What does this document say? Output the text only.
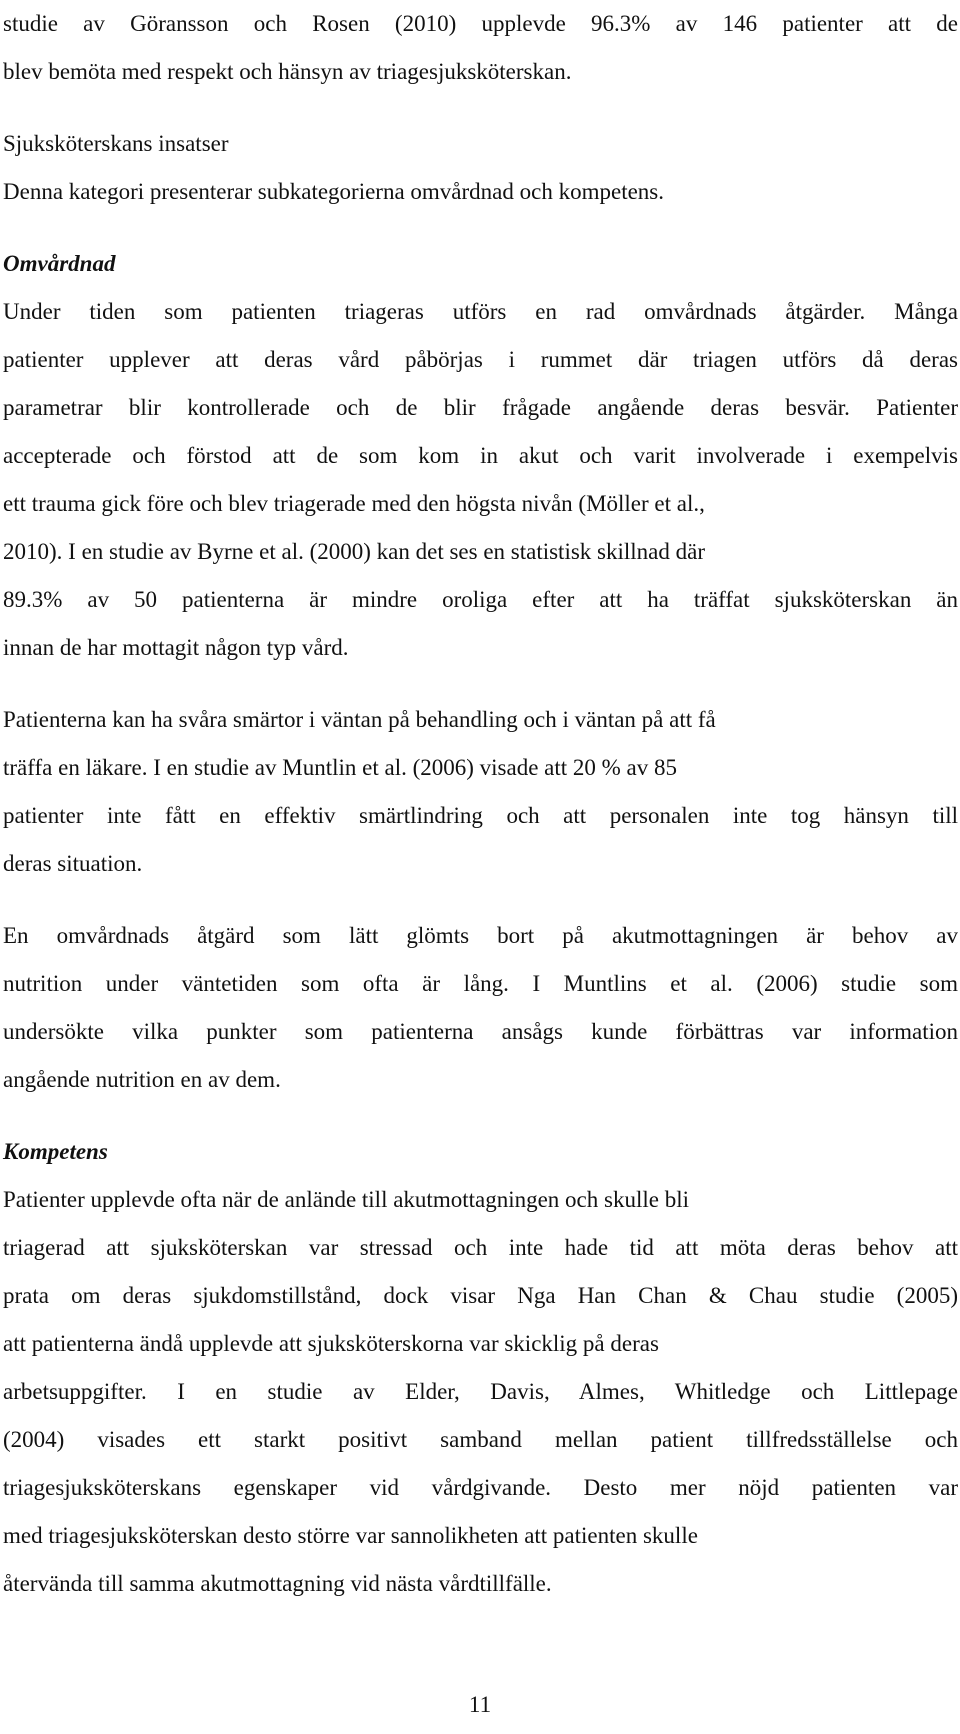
studie av Göransson och Rosen (2010) upplevde 96.3% av 146 patienter att de

blev bemöta med respekt och hänsyn av triagesjuksköterskan.

Sjuksköterskans insatser

Denna kategori presenterar subkategorierna omvårdnad och kompetens.

Omvårdnad

Under tiden som patienten triageras utförs en rad omvårdnads åtgärder. Många

patienter upplever att deras vård påbörjas i rummet där triagen utförs då deras

parametrar blir kontrollerade och de blir frågade angående deras besvär. Patienter

accepterade och förstod att de som kom in akut och varit involverade i exempelvis

ett trauma gick före och blev triagerade med den högsta nivån (Möller et al.,

2010). I en studie av Byrne et al. (2000) kan det ses en statistisk skillnad där

89.3% av 50 patienterna är mindre oroliga efter att ha träffat sjuksköterskan än

innan de har mottagit någon typ vård.

Patienterna kan ha svåra smärtor i väntan på behandling och i väntan på att få

träffa en läkare. I en studie av Muntlin et al. (2006) visade att 20 % av 85

patienter inte fått en effektiv smärtlindring och att personalen inte tog hänsyn till

deras situation.

En omvårdnads åtgärd som lätt glömts bort på akutmottagningen är behov av

nutrition under väntetiden som ofta är lång. I Muntlins et al. (2006) studie som

undersökte vilka punkter som patienterna ansågs kunde förbättras var information

angående nutrition en av dem.

Kompetens

Patienter upplevde ofta när de anlände till akutmottagningen och skulle bli

triagerad att sjuksköterskan var stressad och inte hade tid att möta deras behov att

prata om deras sjukdomstillstånd, dock visar Nga Han Chan & Chau studie (2005)

att patienterna ändå upplevde att sjuksköterskorna var skicklig på deras

arbetsuppgifter. I en studie av Elder, Davis, Almes, Whitledge och Littlepage

(2004) visades ett starkt positivt samband mellan patient tillfredsställelse och

triagesjuksköterskans egenskaper vid vårdgivande. Desto mer nöjd patienten var

med triagesjuksköterskan desto större var sannolikheten att patienten skulle

återvända till samma akutmottagning vid nästa vårdtillfälle.

11
